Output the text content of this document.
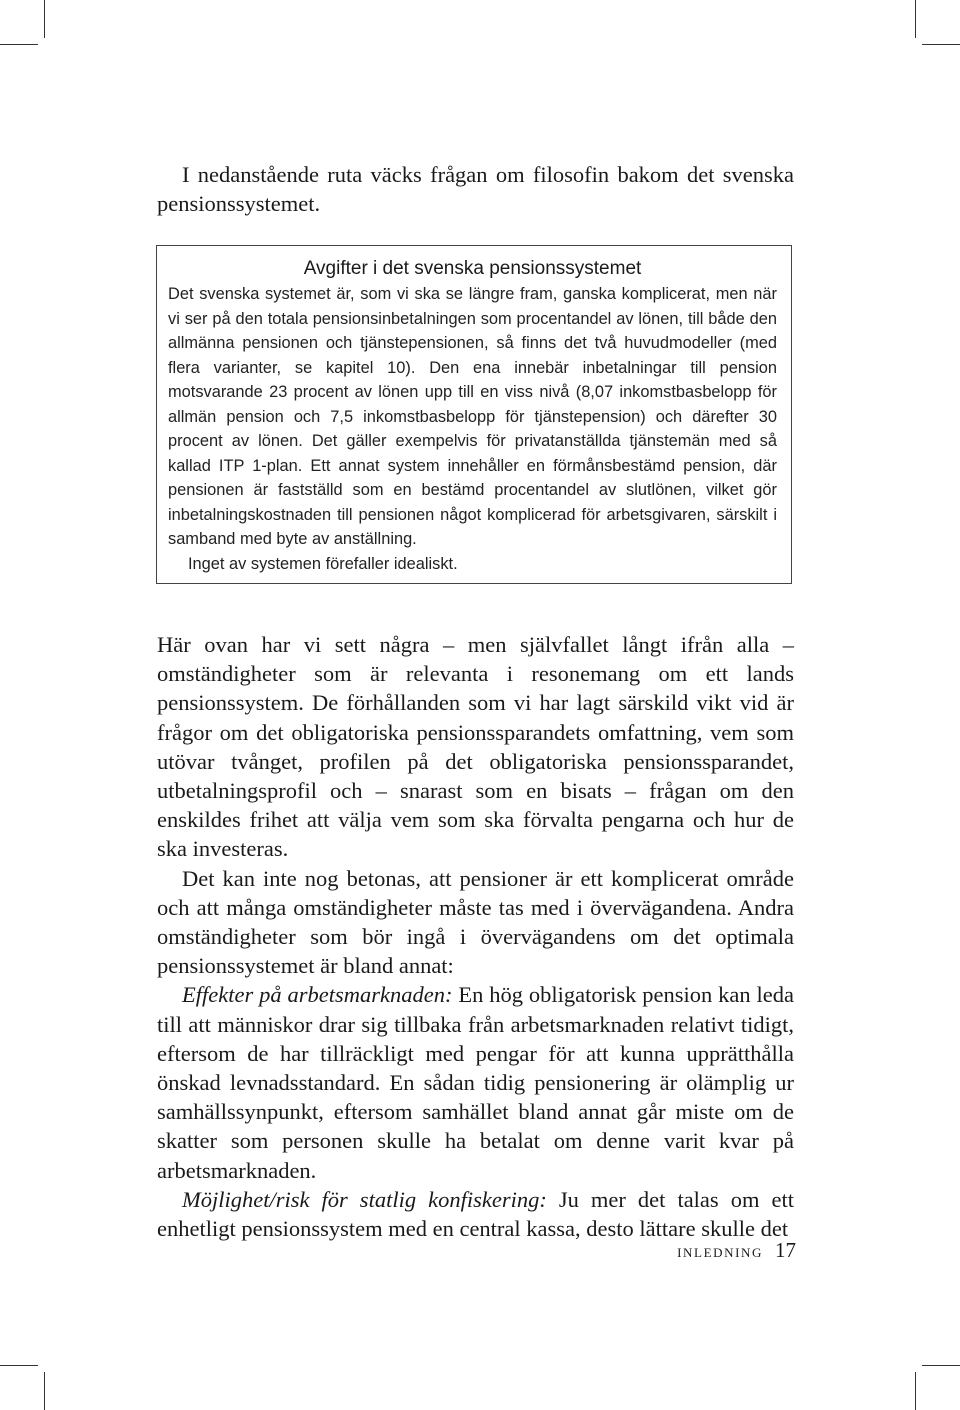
I nedanstående ruta väcks frågan om filosofin bakom det svenska pensionssystemet.

Avgifter i det svenska pensionssystemet

Det svenska systemet är, som vi ska se längre fram, ganska komplicerat, men när vi ser på den totala pensionsinbetalningen som procentandel av lönen, till både den allmänna pensionen och tjänstepensionen, så finns det två huvudmodeller (med flera varianter, se kapitel 10). Den ena innebär inbetalningar till pension motsvarande 23 procent av lönen upp till en viss nivå (8,07 inkomstbasbelopp för allmän pension och 7,5 inkomstbasbelopp för tjänstepension) och därefter 30 procent av lönen. Det gäller exempelvis för privatanställda tjänstemän med så kallad ITP 1-plan. Ett annat system innehåller en förmånsbestämd pension, där pensionen är fastställd som en bestämd procentandel av slutlönen, vilket gör inbetalningskostnaden till pensionen något komplicerad för arbetsgivaren, särskilt i samband med byte av anställning.

Inget av systemen förefaller idealiskt.

Här ovan har vi sett några – men självfallet långt ifrån alla – omständigheter som är relevanta i resonemang om ett lands pensionssystem. De förhållanden som vi har lagt särskild vikt vid är frågor om det obligatoriska pensionssparandets omfattning, vem som utövar tvånget, profilen på det obligatoriska pensionssparandet, utbetalningsprofil och – snarast som en bisats – frågan om den enskildes frihet att välja vem som ska förvalta pengarna och hur de ska investeras.

Det kan inte nog betonas, att pensioner är ett komplicerat område och att många omständigheter måste tas med i övervägandena. Andra omständigheter som bör ingå i övervägandens om det optimala pensionssystemet är bland annat:

Effekter på arbetsmarknaden: En hög obligatorisk pension kan leda till att människor drar sig tillbaka från arbetsmarknaden relativt tidigt, eftersom de har tillräckligt med pengar för att kunna upprätthålla önskad levnadsstandard. En sådan tidig pensionering är olämplig ur samhällssynpunkt, eftersom samhället bland annat går miste om de skatter som personen skulle ha betalat om denne varit kvar på arbetsmarknaden.

Möjlighet/risk för statlig konfiskering: Ju mer det talas om ett enhetligt pensionssystem med en central kassa, desto lättare skulle det

inledning 17
